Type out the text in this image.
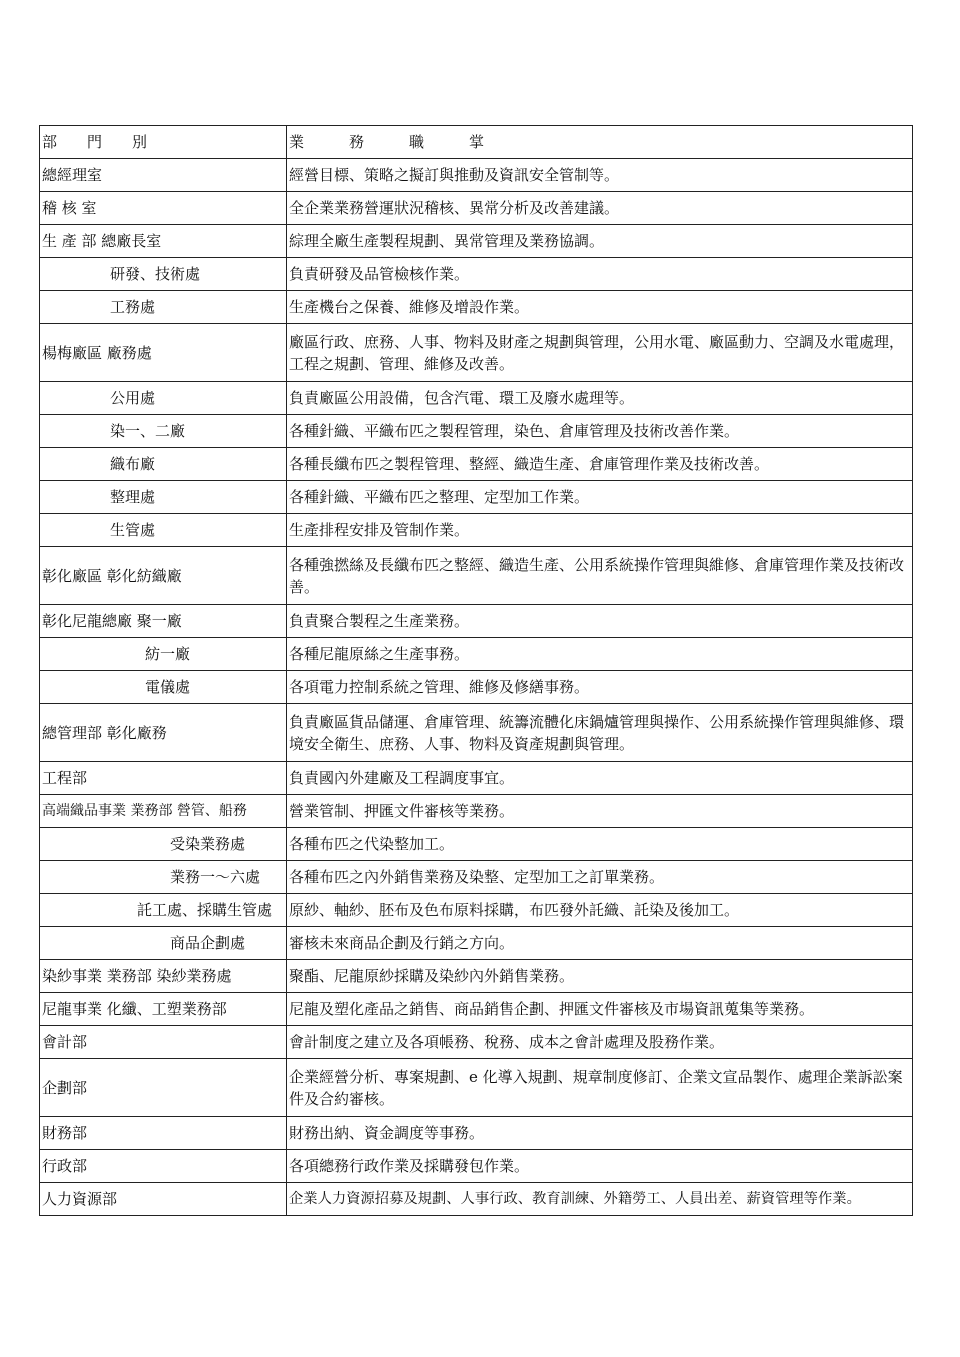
部　　門　　別	業　　　務　　　職　　　掌
總經理室	經營目標、策略之擬訂與推動及資訊安全管制等。
稽 核 室	全企業業務營運狀況稽核、異常分析及改善建議。
生 產 部 總廠長室	綜理全廠生產製程規劃、異常管理及業務協調。
研發、技術處	負責研發及品管檢核作業。
工務處	生產機台之保養、維修及增設作業。
楊梅廠區 廠務處	廠區行政、庶務、人事、物料及財產之規劃與管理，公用水電、廠區動力、空調及水電處理，工程之規劃、管理、維修及改善。
公用處	負責廠區公用設備，包含汽電、環工及廢水處理等。
染一、二廠	各種針織、平織布匹之製程管理，染色、倉庫管理及技術改善作業。
織布廠	各種長纖布匹之製程管理、整經、織造生產、倉庫管理作業及技術改善。
整理處	各種針織、平織布匹之整理、定型加工作業。
生管處	生產排程安排及管制作業。
彰化廠區 彰化紡織廠	各種強撚絲及長纖布匹之整經、織造生產、公用系統操作管理與維修、倉庫管理作業及技術改善。
彰化尼龍總廠 聚一廠	負責聚合製程之生產業務。
紡一廠	各種尼龍原絲之生產事務。
電儀處	各項電力控制系統之管理、維修及修繕事務。
總管理部 彰化廠務	負責廠區貨品儲運、倉庫管理、統籌流體化床鍋爐管理與操作、公用系統操作管理與維修、環境安全衛生、庶務、人事、物料及資產規劃與管理。
工程部	負責國內外建廠及工程調度事宜。
高端織品事業 業務部 營管、船務	營業管制、押匯文件審核等業務。
受染業務處	各種布匹之代染整加工。
業務一～六處	各種布匹之內外銷售業務及染整、定型加工之訂單業務。
託工處、採購生管處	原紗、軸紗、胚布及色布原料採購，布匹發外託織、託染及後加工。
商品企劃處	審核未來商品企劃及行銷之方向。
染紗事業 業務部 染紗業務處	聚酯、尼龍原紗採購及染紗內外銷售業務。
尼龍事業 化纖、工塑業務部	尼龍及塑化產品之銷售、商品銷售企劃、押匯文件審核及市場資訊蒐集等業務。
會計部	會計制度之建立及各項帳務、稅務、成本之會計處理及股務作業。
企劃部	企業經營分析、專案規劃、e 化導入規劃、規章制度修訂、企業文宣品製作、處理企業訴訟案件及合約審核。
財務部	財務出納、資金調度等事務。
行政部	各項總務行政作業及採購發包作業。
人力資源部	企業人力資源招募及規劃、人事行政、教育訓練、外籍勞工、人員出差、薪資管理等作業。
